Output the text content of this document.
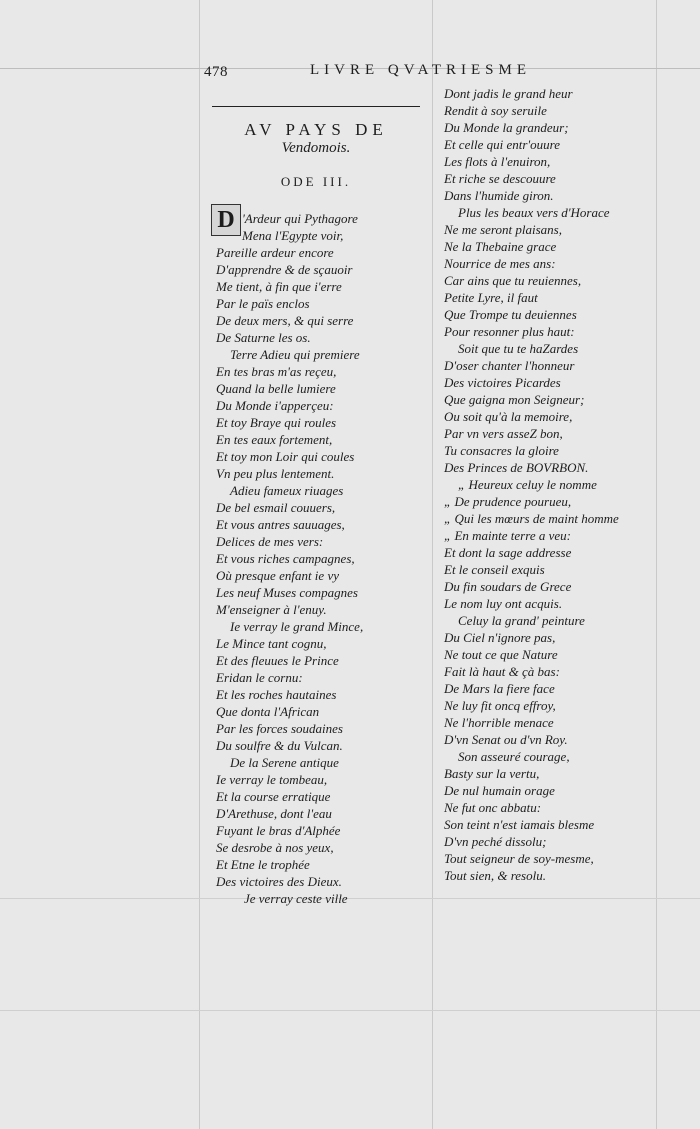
478	LIVRE QVATRIESME
AV PAYS DE
Vendomois.
ODE III.
D 'Ardeur qui Pythagore
Mena l'Egypte voir,
Pareille ardeur encore
D'apprendre & de sçauoir
Me tient, à fin que i'erre
Par le païs enclos
De deux mers, & qui serre
De Saturne les os.
Terre Adieu qui premiere
En tes bras m'as reçeu,
Quand la belle lumiere
Du Monde i'apperçeu:
Et toy Braye qui roules
En tes eaux fortement,
Et toy mon Loir qui coules
Vn peu plus lentement.
Adieu fameux riuages
De bel esmail couuers,
Et vous antres sauuages,
Delices de mes vers:
Et vous riches campagnes,
Où presque enfant ie vy
Les neuf Muses compagnes
M'enseigner à l'enuy.
Ie verray le grand Mince,
Le Mince tant cognu,
Et des fleuues le Prince
Eridan le cornu:
Et les roches hautaines
Que donta l'African
Par les forces soudaines
Du soulfre & du Vulcan.
De la Serene antique
Ie verray le tombeau,
Et la course erratique
D'Arethuse, dont l'eau
Fuyant le bras d'Alphée
Se desrobe à nos yeux,
Et Etne le trophée
Des victoires des Dieux.
Je verray ceste ville
Dont jadis le grand heur
Rendit à soy seruile
Du Monde la grandeur;
Et celle qui entr'ouure
Les flots à l'enuiron,
Et riche se descouure
Dans l'humide giron.
Plus les beaux vers d'Horace
Ne me seront plaisans,
Ne la Thebaine grace
Nourrice de mes ans:
Car ains que tu reuiennes,
Petite Lyre, il faut
Que Trompe tu deuiennes
Pour resonner plus haut:
Soit que tu te haZardes
D'oser chanter l'honneur
Des victoires Picardes
Que gaigna mon Seigneur;
Ou soit qu'à la memoire,
Par vn vers asseZ bon,
Tu consacres la gloire
Des Princes de BOVRBON.
„ Heureux celuy le nomme
„ De prudence pourueu,
„ Qui les mœurs de maint homme
„ En mainte terre a veu:
Et dont la sage addresse
Et le conseil exquis
Du fin soudars de Grece
Le nom luy ont acquis.
Celuy la grand' peinture
Du Ciel n'ignore pas,
Ne tout ce que Nature
Fait là haut & çà bas:
De Mars la fiere face
Ne luy fit oncq effroy,
Ne l'horrible menace
D'vn Senat ou d'vn Roy.
Son asseuré courage,
Basty sur la vertu,
De nul humain orage
Ne fut onc abbatu:
Son teint n'est iamais blesme
D'vn peché dissolu;
Tout seigneur de soy-mesme,
Tout sien, & resolu.
